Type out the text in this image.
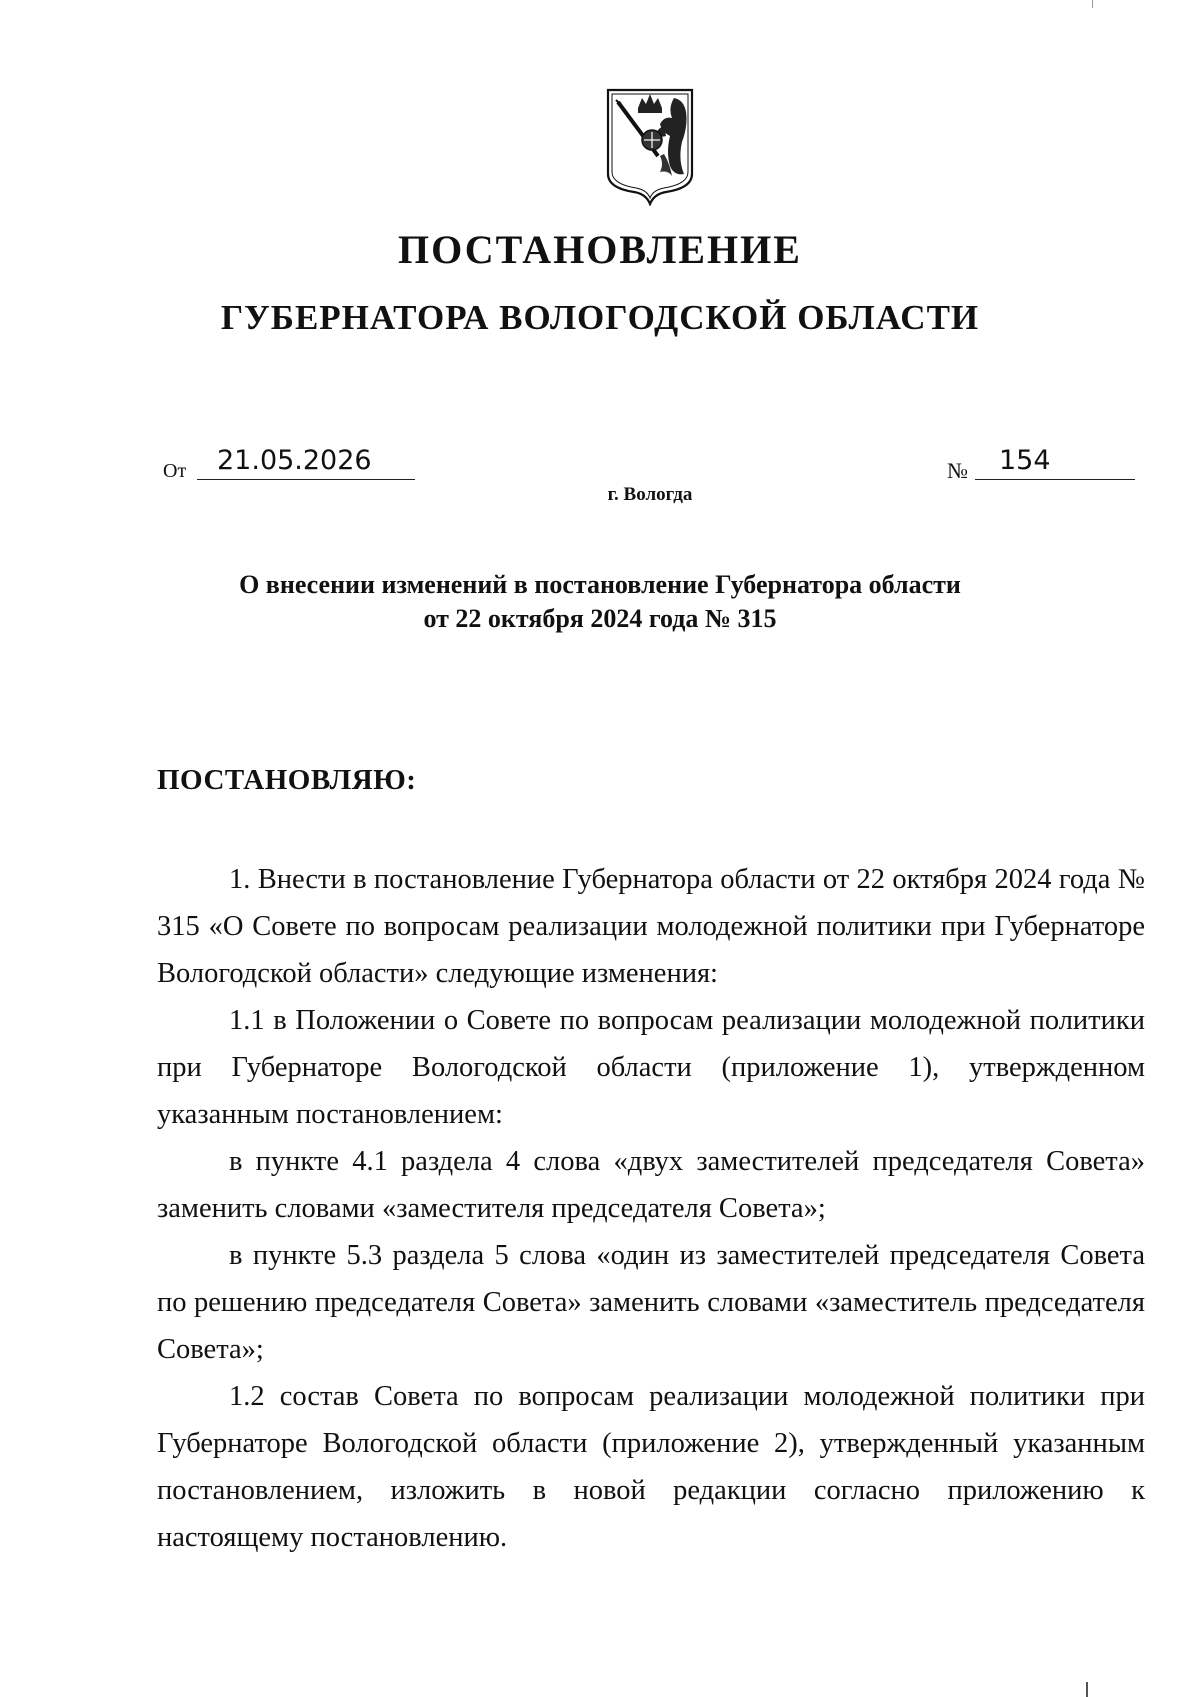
ПОСТАНОВЛЕНИЕ
ГУБЕРНАТОРА ВОЛОГОДСКОЙ ОБЛАСТИ
От	21.05.2026	№	154
г. Вологда
О внесении изменений в постановление Губернатора области
от 22 октября 2024 года № 315
ПОСТАНОВЛЯЮ:

1. Внести в постановление Губернатора области от 22 октября 2024 года № 315 «О Совете по вопросам реализации молодежной политики при Губернаторе Вологодской области» следующие изменения:

1.1 в Положении о Совете по вопросам реализации молодежной политики при Губернаторе Вологодской области (приложение 1), утвержденном указанным постановлением:

в пункте 4.1 раздела 4 слова «двух заместителей председателя Совета» заменить словами «заместителя председателя Совета»;

в пункте 5.3 раздела 5 слова «один из заместителей председателя Совета по решению председателя Совета» заменить словами «заместитель председателя Совета»;

1.2 состав Совета по вопросам реализации молодежной политики при Губернаторе Вологодской области (приложение 2), утвержденный указанным постановлением, изложить в новой редакции согласно приложению к настоящему постановлению.
